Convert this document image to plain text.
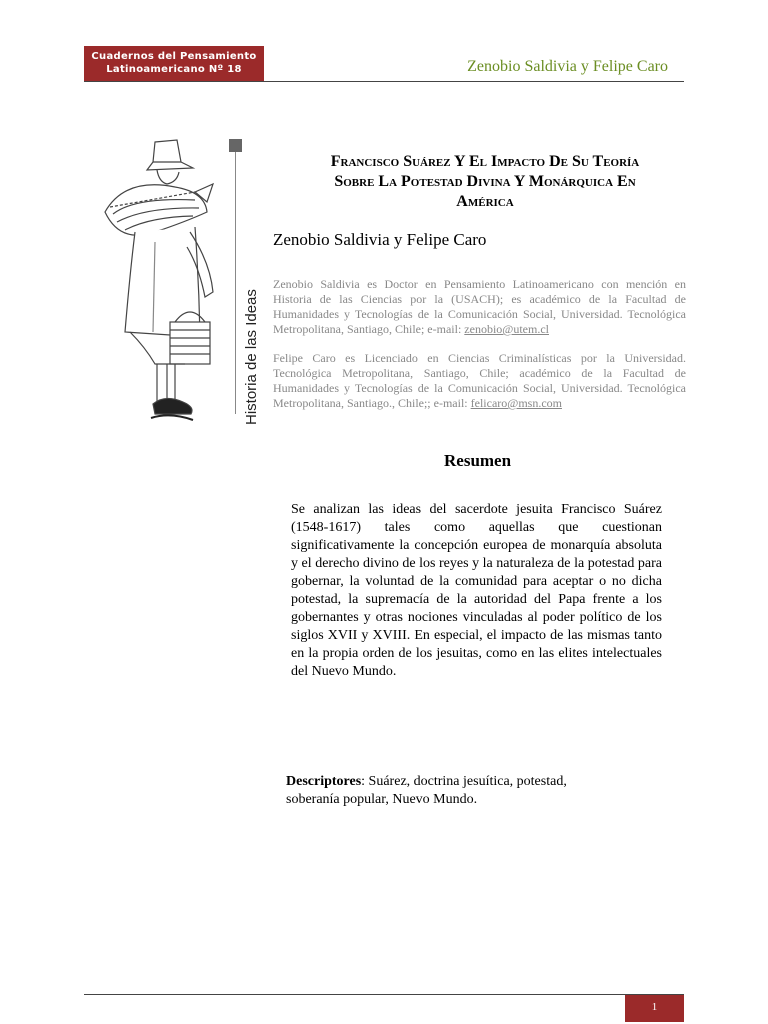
Cuadernos del Pensamiento
Latinoamericano Nº 18	Zenobio Saldivia y Felipe Caro
Historia de las Ideas
Francisco Suárez Y El Impacto De Su Teoría
Sobre La Potestad Divina Y Monárquica En
América
Zenobio Saldivia y Felipe Caro
Zenobio Saldivia es Doctor en Pensamiento Latinoamericano con mención en Historia de las Ciencias por la (USACH); es académico de la Facultad de Humanidades y Tecnologías de la Comunicación Social, Universidad. Tecnológica Metropolitana, Santiago, Chile; e-mail: zenobio@utem.cl
Felipe Caro es Licenciado en Ciencias Criminalísticas por la Universidad. Tecnológica Metropolitana, Santiago, Chile; académico de la Facultad de Humanidades y Tecnologías de la Comunicación Social, Universidad. Tecnológica Metropolitana, Santiago., Chile;; e-mail: felicaro@msn.com
Resumen
Se analizan las ideas del sacerdote jesuita Francisco Suárez (1548-1617) tales como aquellas que cuestionan significativamente la concepción europea de monarquía absoluta y el derecho divino de los reyes y la naturaleza de la potestad para gobernar, la voluntad de la comunidad para aceptar o no dicha potestad, la supremacía de la autoridad del Papa frente a los gobernantes y otras nociones vinculadas al poder político de los siglos XVII y XVIII. En especial, el impacto de las mismas tanto en la propia orden de los jesuitas, como en las elites intelectuales del Nuevo Mundo.
Descriptores: Suárez, doctrina jesuítica, potestad, soberanía popular, Nuevo Mundo.
1
